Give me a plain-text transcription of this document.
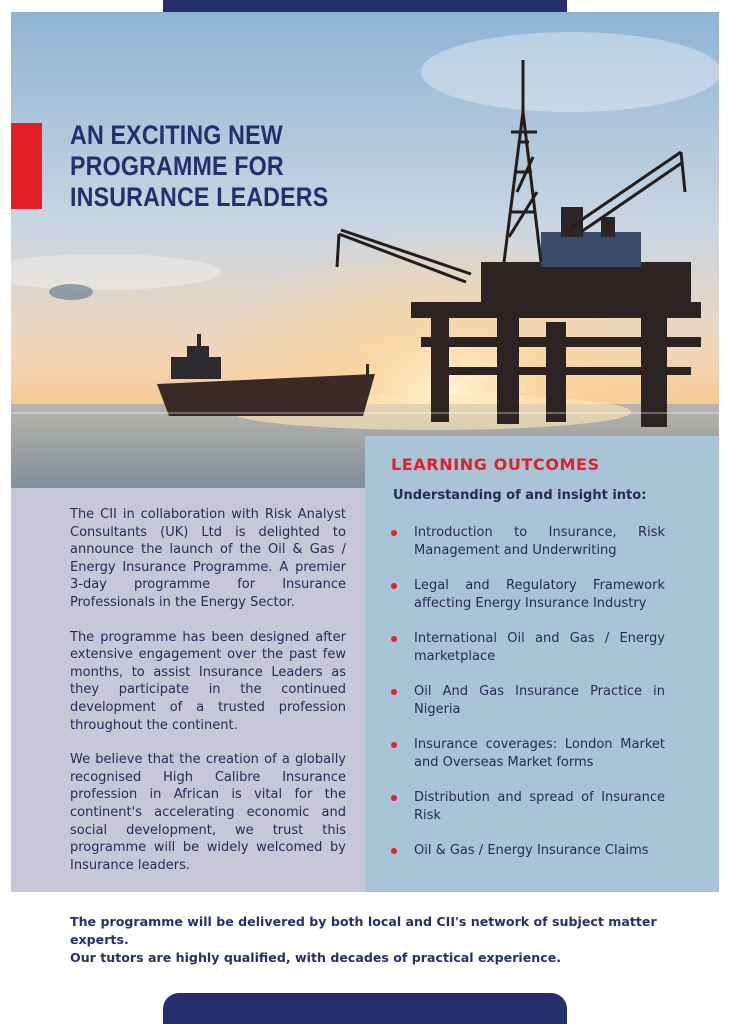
AN EXCITING NEW
PROGRAMME FOR
INSURANCE LEADERS

The CII in collaboration with Risk Analyst Consultants (UK) Ltd is delighted to announce the launch of the Oil & Gas / Energy Insurance Programme. A premier 3-day programme for Insurance Professionals in the Energy Sector.

The programme has been designed after extensive engagement over the past few months, to assist Insurance Leaders as they participate in the continued development of a trusted profession throughout the continent.

We believe that the creation of a globally recognised High Calibre Insurance profession in African is vital for the continent's accelerating economic and social development, we trust this programme will be widely welcomed by Insurance leaders.

LEARNING OUTCOMES
Understanding of and insight into:
Introduction to Insurance, Risk Management and Underwriting
Legal and Regulatory Framework affecting Energy Insurance Industry
International Oil and Gas / Energy marketplace
Oil And Gas Insurance Practice in Nigeria
Insurance coverages: London Market and Overseas Market forms
Distribution and spread of Insurance Risk
Oil & Gas / Energy Insurance Claims
The programme will be delivered by both local and CII's network of subject matter experts.
Our tutors are highly qualified, with decades of practical experience.
